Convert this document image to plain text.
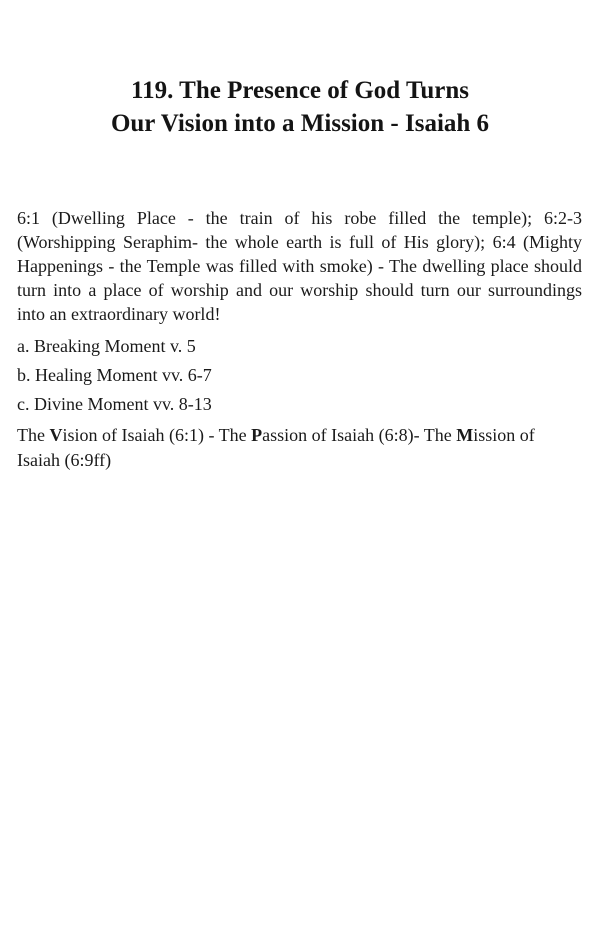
119. The Presence of God Turns
Our Vision into a Mission - Isaiah 6

6:1 (Dwelling Place - the train of his robe filled the temple); 6:2-3 (Worshipping Seraphim- the whole earth is full of His glory); 6:4 (Mighty Happenings - the Temple was filled with smoke) - The dwelling place should turn into a place of worship and our worship should turn our surroundings into an extraordinary world!

a. Breaking Moment v. 5
b. Healing Moment vv. 6-7
c. Divine Moment vv. 8-13

The Vision of Isaiah (6:1) - The Passion of Isaiah (6:8)- The Mission of Isaiah (6:9ff)
